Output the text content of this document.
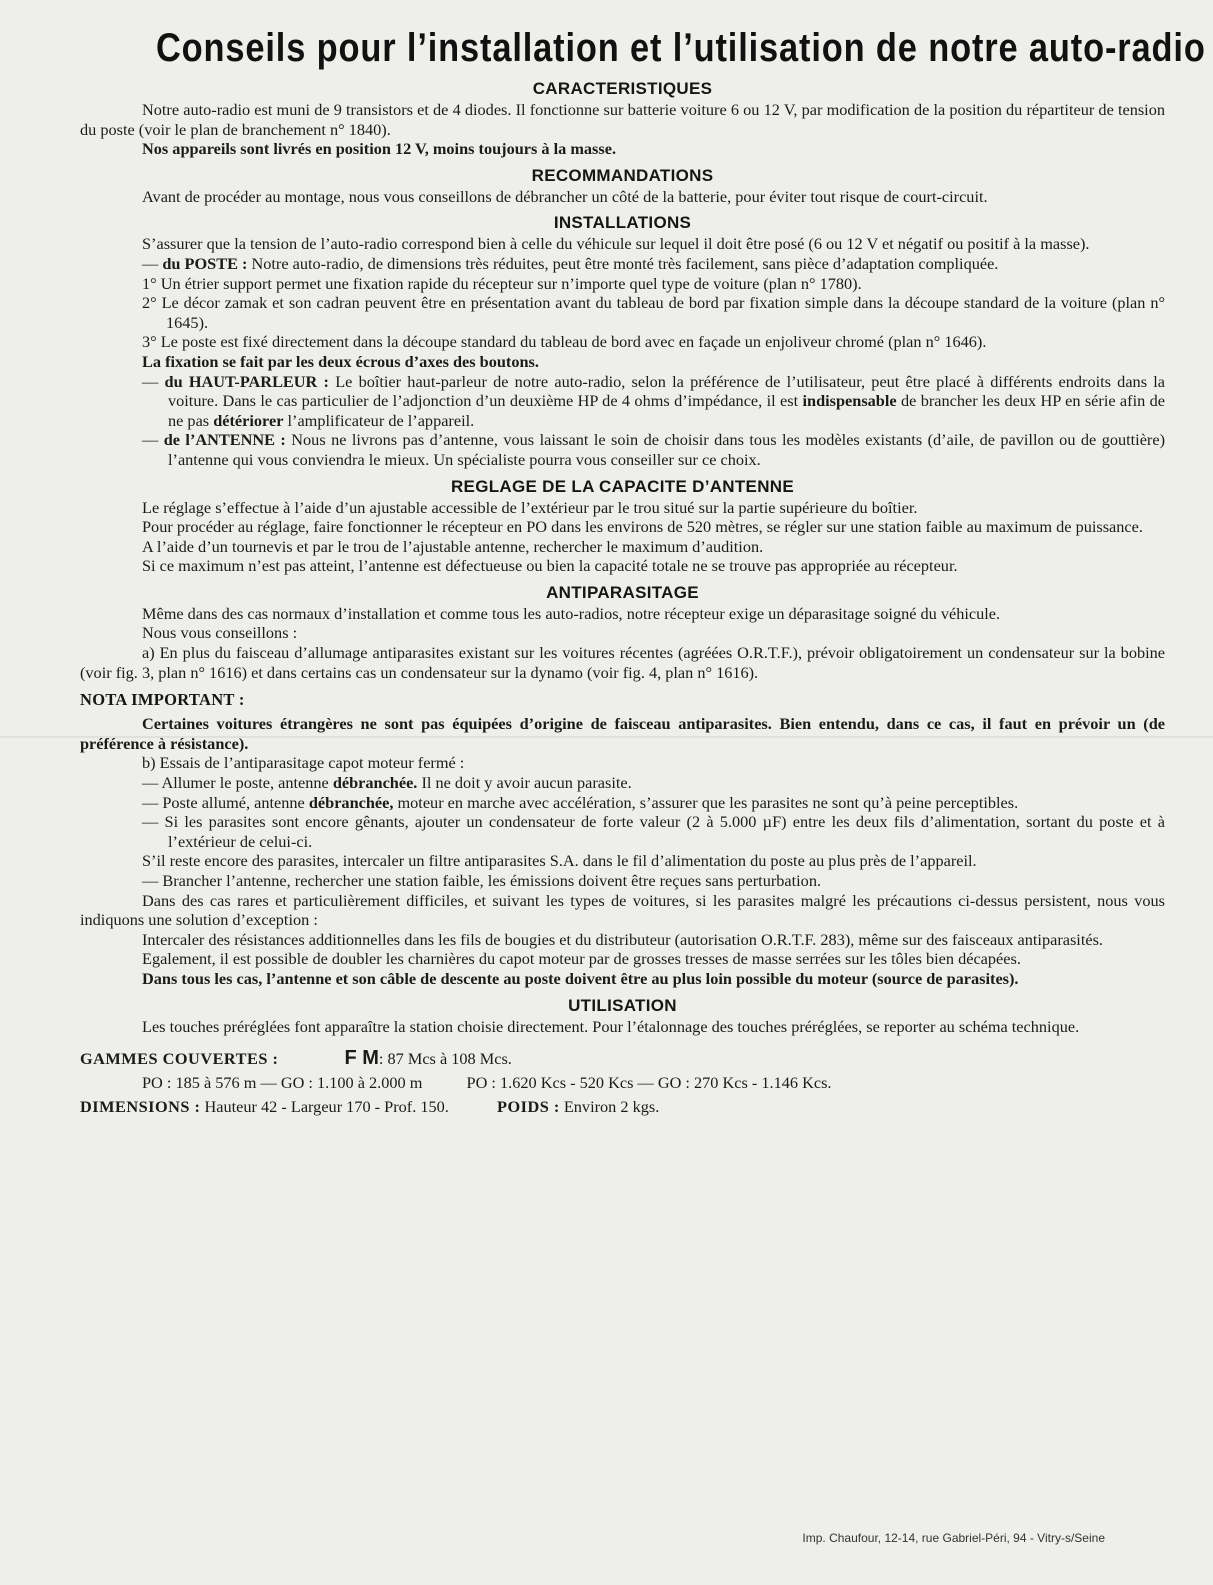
Conseils pour l’installation et l’utilisation de notre auto-radio
CARACTERISTIQUES

Notre auto-radio est muni de 9 transistors et de 4 diodes. Il fonctionne sur batterie voiture 6 ou 12 V, par modification de la position du répartiteur de tension du poste (voir le plan de branchement n° 1840).

Nos appareils sont livrés en position 12 V, moins toujours à la masse.

RECOMMANDATIONS

Avant de procéder au montage, nous vous conseillons de débrancher un côté de la batterie, pour éviter tout risque de court-circuit.

INSTALLATIONS

S’assurer que la tension de l’auto-radio correspond bien à celle du véhicule sur lequel il doit être posé (6 ou 12 V et négatif ou positif à la masse).

— du POSTE : Notre auto-radio, de dimensions très réduites, peut être monté très facilement, sans pièce d’adaptation compliquée.

1° Un étrier support permet une fixation rapide du récepteur sur n’importe quel type de voiture (plan n° 1780).

2° Le décor zamak et son cadran peuvent être en présentation avant du tableau de bord par fixation simple dans la découpe standard de la voiture (plan n° 1645).

3° Le poste est fixé directement dans la découpe standard du tableau de bord avec en façade un enjoliveur chromé (plan n° 1646).

La fixation se fait par les deux écrous d’axes des boutons.

— du HAUT-PARLEUR : Le boîtier haut-parleur de notre auto-radio, selon la préférence de l’utilisateur, peut être placé à différents endroits dans la voiture. Dans le cas particulier de l’adjonction d’un deuxième HP de 4 ohms d’impédance, il est indispensable de brancher les deux HP en série afin de ne pas détériorer l’amplificateur de l’appareil.

— de l’ANTENNE : Nous ne livrons pas d’antenne, vous laissant le soin de choisir dans tous les modèles existants (d’aile, de pavillon ou de gouttière) l’antenne qui vous conviendra le mieux. Un spécialiste pourra vous conseiller sur ce choix.

REGLAGE DE LA CAPACITE D’ANTENNE

Le réglage s’effectue à l’aide d’un ajustable accessible de l’extérieur par le trou situé sur la partie supérieure du boîtier.

Pour procéder au réglage, faire fonctionner le récepteur en PO dans les environs de 520 mètres, se régler sur une station faible au maximum de puissance.

A l’aide d’un tournevis et par le trou de l’ajustable antenne, rechercher le maximum d’audition.

Si ce maximum n’est pas atteint, l’antenne est défectueuse ou bien la capacité totale ne se trouve pas appropriée au récepteur.

ANTIPARASITAGE

Même dans des cas normaux d’installation et comme tous les auto-radios, notre récepteur exige un déparasitage soigné du véhicule.

Nous vous conseillons :

a) En plus du faisceau d’allumage antiparasites existant sur les voitures récentes (agréées O.R.T.F.), prévoir obligatoirement un condensateur sur la bobine (voir fig. 3, plan n° 1616) et dans certains cas un condensateur sur la dynamo (voir fig. 4, plan n° 1616).

NOTA IMPORTANT :

Certaines voitures étrangères ne sont pas équipées d’origine de faisceau antiparasites. Bien entendu, dans ce cas, il faut en prévoir un (de préférence à résistance).

b) Essais de l’antiparasitage capot moteur fermé :

— Allumer le poste, antenne débranchée. Il ne doit y avoir aucun parasite.

— Poste allumé, antenne débranchée, moteur en marche avec accélération, s’assurer que les parasites ne sont qu’à peine perceptibles.

— Si les parasites sont encore gênants, ajouter un condensateur de forte valeur (2 à 5.000 µF) entre les deux fils d’alimentation, sortant du poste et à l’extérieur de celui-ci.

S’il reste encore des parasites, intercaler un filtre antiparasites S.A. dans le fil d’alimentation du poste au plus près de l’appareil.

— Brancher l’antenne, rechercher une station faible, les émissions doivent être reçues sans perturbation.

Dans des cas rares et particulièrement difficiles, et suivant les types de voitures, si les parasites malgré les précautions ci-dessus persistent, nous vous indiquons une solution d’exception :

Intercaler des résistances additionnelles dans les fils de bougies et du distributeur (autorisation O.R.T.F. 283), même sur des faisceaux antiparasités.

Egalement, il est possible de doubler les charnières du capot moteur par de grosses tresses de masse serrées sur les tôles bien décapées.

Dans tous les cas, l’antenne et son câble de descente au poste doivent être au plus loin possible du moteur (source de parasites).

UTILISATION

Les touches préréglées font apparaître la station choisie directement. Pour l’étalonnage des touches préréglées, se reporter au schéma technique.

GAMMES COUVERTES :	F M: 87 Mcs à 108 Mcs.
PO : 185 à 576 m — GO : 1.100 à 2.000 m	PO : 1.620 Kcs - 520 Kcs — GO : 270 Kcs - 1.146 Kcs.
DIMENSIONS : Hauteur 42 - Largeur 170 - Prof. 150.	POIDS : Environ 2 kgs.
Imp. Chaufour, 12-14, rue Gabriel-Péri, 94 - Vitry-s/Seine
